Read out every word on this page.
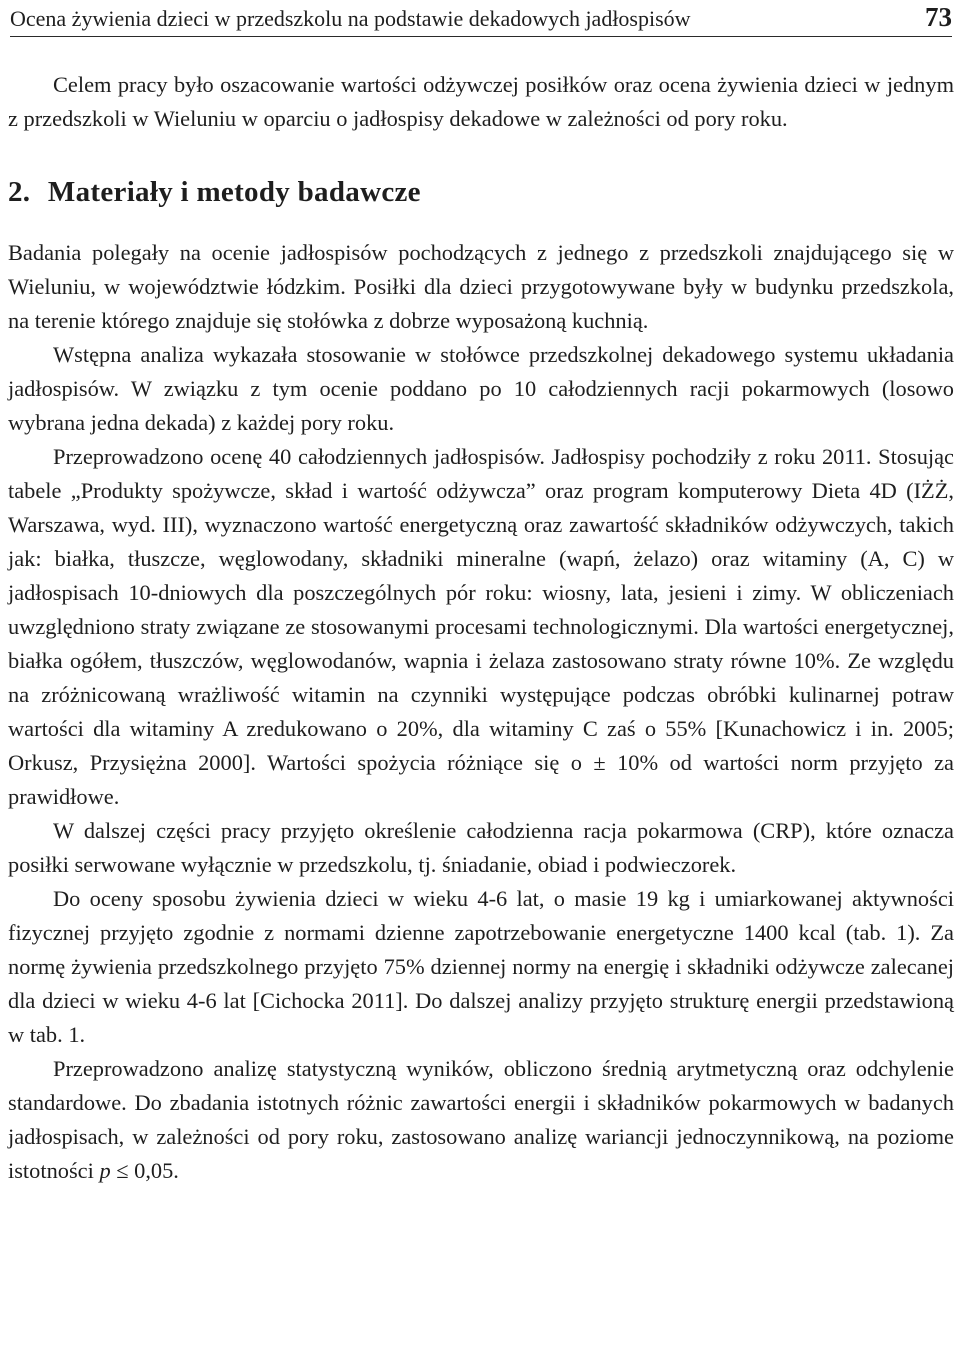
Ocena żywienia dzieci w przedszkolu na podstawie dekadowych jadłospisów	73

Celem pracy było oszacowanie wartości odżywczej posiłków oraz ocena żywienia dzieci w jednym z przedszkoli w Wieluniu w oparciu o jadłospisy dekadowe w zależności od pory roku.

2. Materiały i metody badawcze

Badania polegały na ocenie jadłospisów pochodzących z jednego z przedszkoli znajdującego się w Wieluniu, w województwie łódzkim. Posiłki dla dzieci przygotowywane były w budynku przedszkola, na terenie którego znajduje się stołówka z dobrze wyposażoną kuchnią.

Wstępna analiza wykazała stosowanie w stołówce przedszkolnej dekadowego systemu układania jadłospisów. W związku z tym ocenie poddano po 10 całodziennych racji pokarmowych (losowo wybrana jedna dekada) z każdej pory roku.

Przeprowadzono ocenę 40 całodziennych jadłospisów. Jadłospisy pochodziły z roku 2011. Stosując tabele „Produkty spożywcze, skład i wartość odżywcza” oraz program komputerowy Dieta 4D (IŻŻ, Warszawa, wyd. III), wyznaczono wartość energetyczną oraz zawartość składników odżywczych, takich jak: białka, tłuszcze, węglowodany, składniki mineralne (wapń, żelazo) oraz witaminy (A, C) w jadłospisach 10-dniowych dla poszczególnych pór roku: wiosny, lata, jesieni i zimy. W obliczeniach uwzględniono straty związane ze stosowanymi procesami technologicznymi. Dla wartości energetycznej, białka ogółem, tłuszczów, węglowodanów, wapnia i żelaza zastosowano straty równe 10%. Ze względu na zróżnicowaną wrażliwość witamin na czynniki występujące podczas obróbki kulinarnej potraw wartości dla witaminy A zredukowano o 20%, dla witaminy C zaś o 55% [Kunachowicz i in. 2005; Orkusz, Przysiężna 2000]. Wartości spożycia różniące się o ± 10% od wartości norm przyjęto za prawidłowe.

W dalszej części pracy przyjęto określenie całodzienna racja pokarmowa (CRP), które oznacza posiłki serwowane wyłącznie w przedszkolu, tj. śniadanie, obiad i podwieczorek.

Do oceny sposobu żywienia dzieci w wieku 4-6 lat, o masie 19 kg i umiarkowanej aktywności fizycznej przyjęto zgodnie z normami dzienne zapotrzebowanie energetyczne 1400 kcal (tab. 1). Za normę żywienia przedszkolnego przyjęto 75% dziennej normy na energię i składniki odżywcze zalecanej dla dzieci w wieku 4-6 lat [Cichocka 2011]. Do dalszej analizy przyjęto strukturę energii przedstawioną w tab. 1.

Przeprowadzono analizę statystyczną wyników, obliczono średnią arytmetyczną oraz odchylenie standardowe. Do zbadania istotnych różnic zawartości energii i składników pokarmowych w badanych jadłospisach, w zależności od pory roku, zastosowano analizę wariancji jednoczynnikową, na poziome istotności p ≤ 0,05.
